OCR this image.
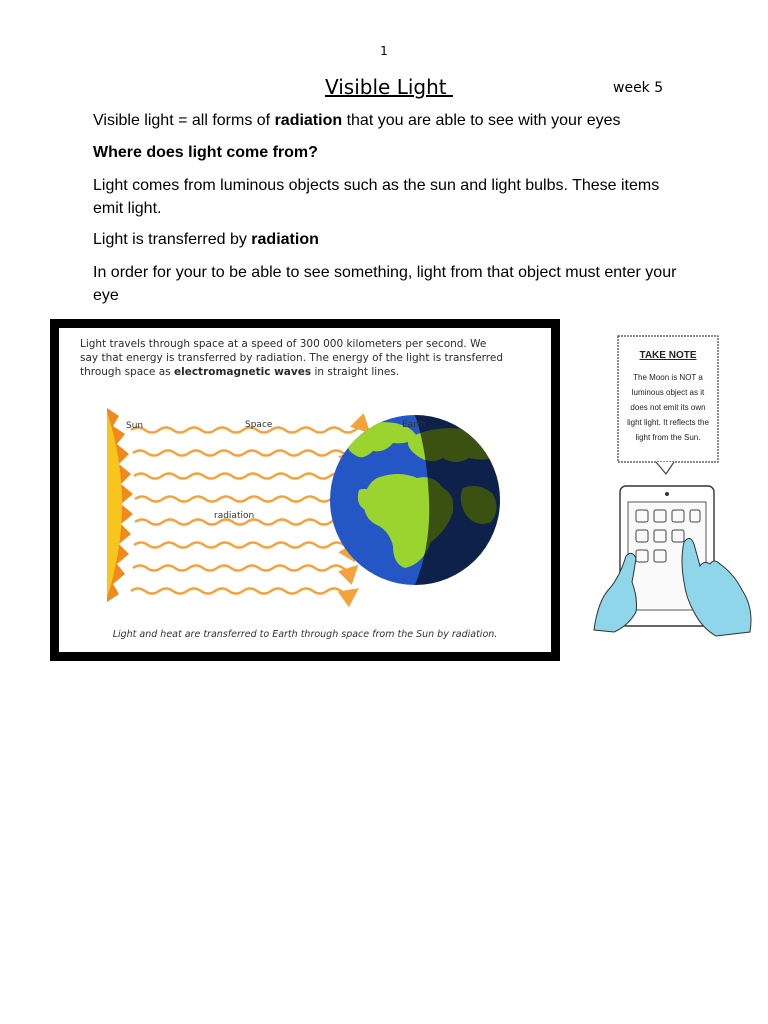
1
Visible Light	week 5
Visible light = all forms of radiation that you are able to see with your eyes
Where does light come from?
Light comes from luminous objects such as the sun and light bulbs. These items emit light.
Light is transferred by radiation
In order for your to be able to see something, light from that object must enter your eye
Light travels through space at a speed of 300 000 kilometers per second. We
say that energy is transferred by radiation. The energy of the light is transferred
through space as electromagnetic waves in straight lines.
Sun	Space	Earth
radiation
Light and heat are transferred to Earth through space from the Sun by radiation.
TAKE NOTE
The Moon is NOT a
luminous object as it
does not emit its own
light light. It reflects the
light from the Sun.
